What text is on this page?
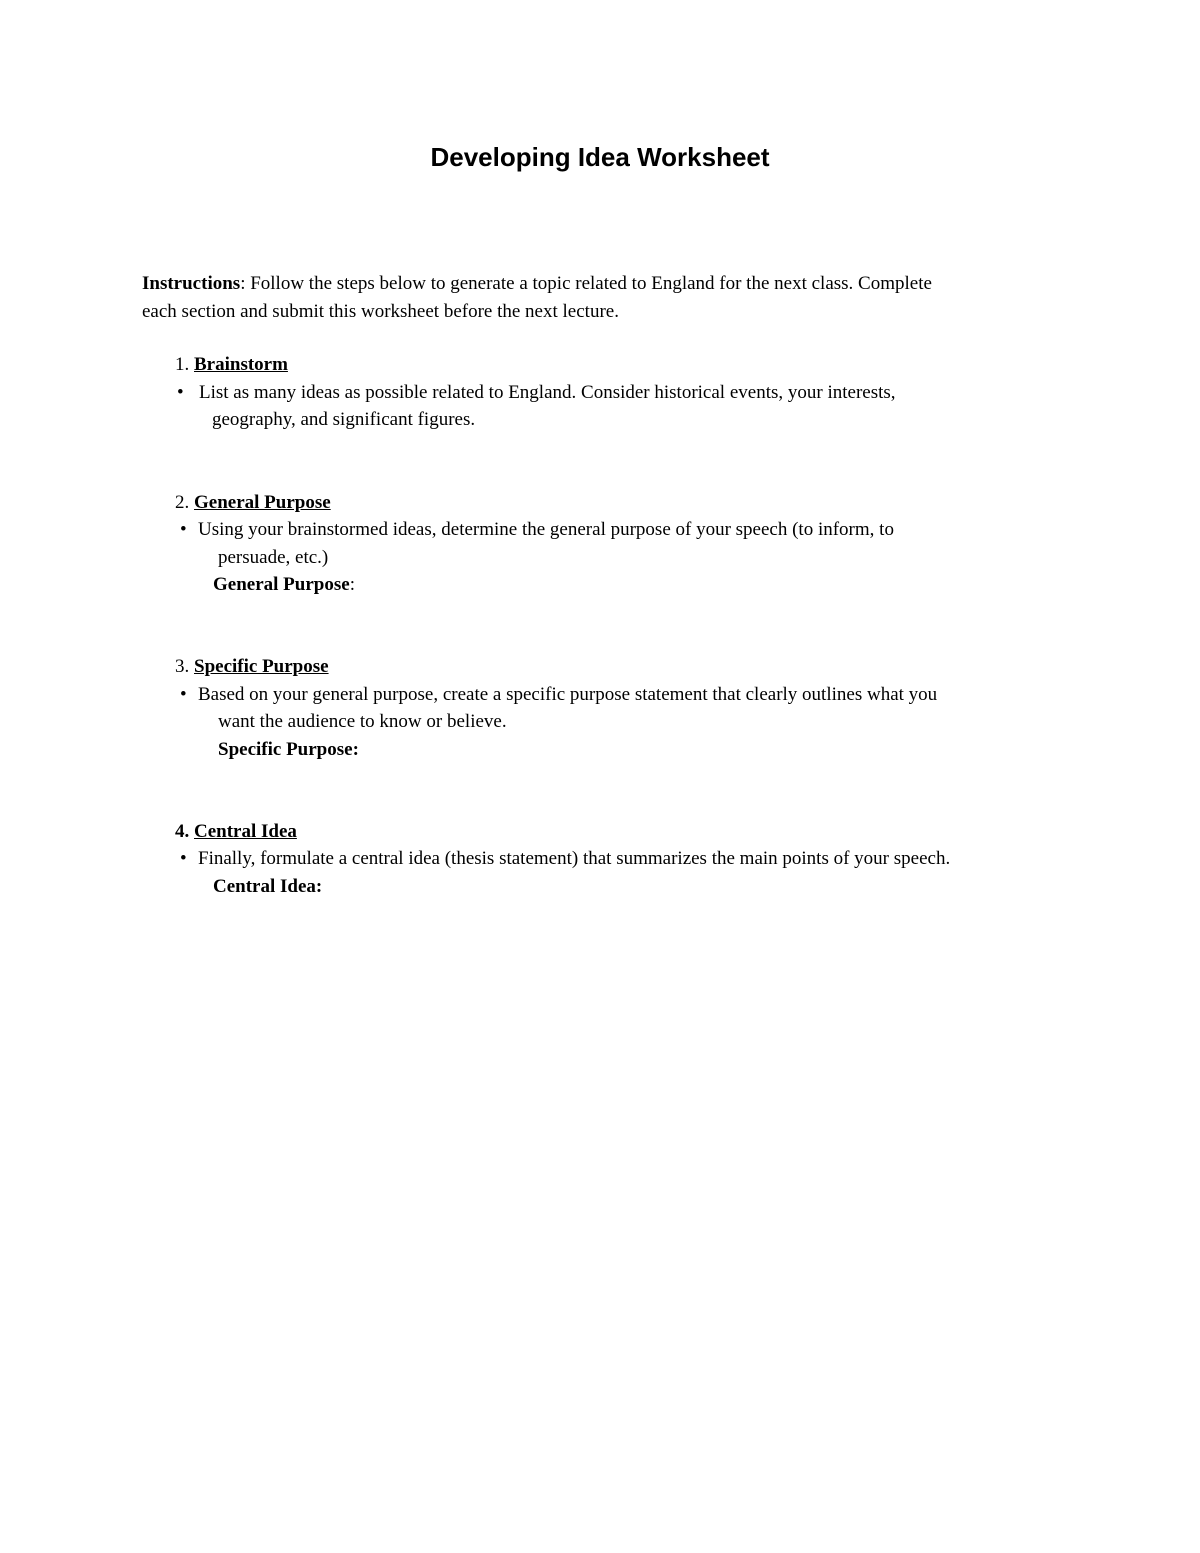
Developing Idea Worksheet
Instructions: Follow the steps below to generate a topic related to England for the next class. Complete
each section and submit this worksheet before the next lecture.
1. Brainstorm
• List as many ideas as possible related to England. Consider historical events, your interests,
geography, and significant figures.
2. General Purpose
• Using your brainstormed ideas, determine the general purpose of your speech (to inform, to
persuade, etc.)
General Purpose:
3. Specific Purpose
• Based on your general purpose, create a specific purpose statement that clearly outlines what you
want the audience to know or believe.
Specific Purpose:
4. Central Idea
• Finally, formulate a central idea (thesis statement) that summarizes the main points of your speech.
Central Idea:
